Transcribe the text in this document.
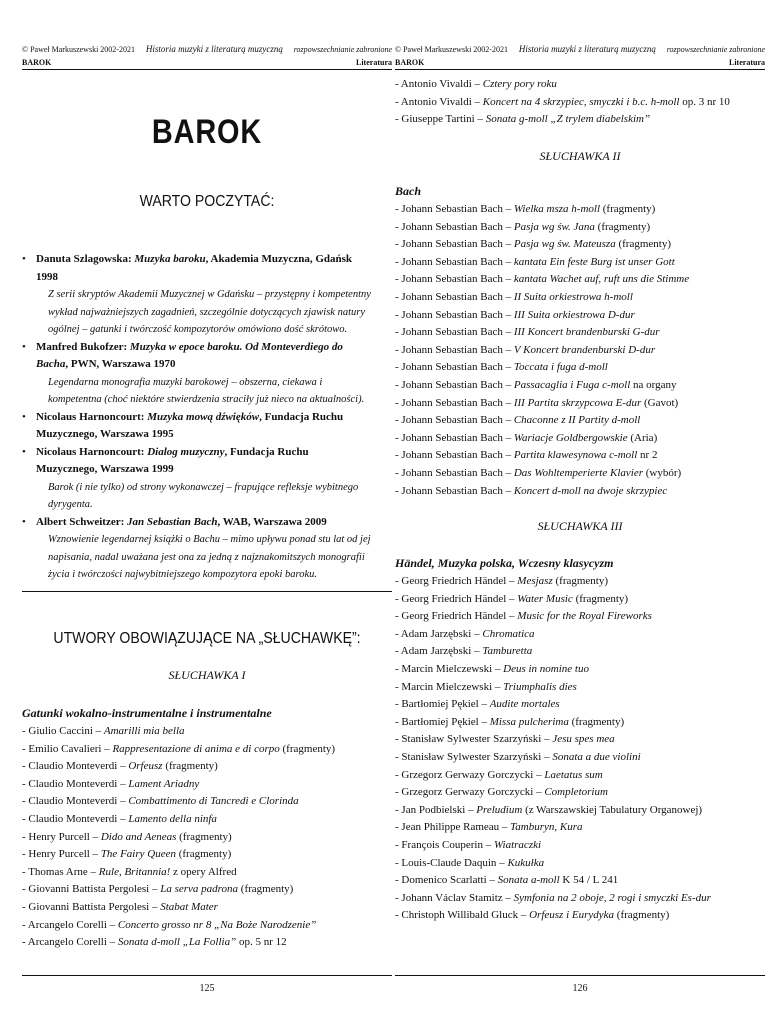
© Paweł Markuszewski 2002-2021 Historia muzyki z literaturą muzyczną rozpowszechnianie zabronione
BAROK	Literatura
BAROK
WARTO POCZYTAĆ:
• Danuta Szlagowska: Muzyka baroku, Akademia Muzyczna, Gdańsk 1998
Z serii skryptów Akademii Muzycznej w Gdańsku – przystępny i kompetentny wykład najważniejszych zagadnień, szczególnie dotyczących zjawisk natury ogólnej – gatunki i twórczość kompozytorów omówiono dość skrótowo.
• Manfred Bukofzer: Muzyka w epoce baroku. Od Monteverdiego do Bacha, PWN, Warszawa 1970
Legendarna monografia muzyki barokowej – obszerna, ciekawa i kompetentna (choć niektóre stwierdzenia straciły już nieco na aktualności).
• Nicolaus Harnoncourt: Muzyka mową dźwięków, Fundacja Ruchu Muzycznego, Warszawa 1995
• Nicolaus Harnoncourt: Dialog muzyczny, Fundacja Ruchu Muzycznego, Warszawa 1999
Barok (i nie tylko) od strony wykonawczej – frapujące refleksje wybitnego dyrygenta.
• Albert Schweitzer: Jan Sebastian Bach, WAB, Warszawa 2009
Wznowienie legendarnej książki o Bachu – mimo upływu ponad stu lat od jej napisania, nadal uważana jest ona za jedną z najznakomitszych monografii życia i twórczości najwybitniejszego kompozytora epoki baroku.
UTWORY OBOWIĄZUJĄCE NA „SŁUCHAWKĘ”:
SŁUCHAWKA I
Gatunki wokalno-instrumentalne i instrumentalne
- Giulio Caccini – Amarilli mia bella
- Emilio Cavalieri – Rappresentazione di anima e di corpo (fragmenty)
- Claudio Monteverdi – Orfeusz (fragmenty)
- Claudio Monteverdi – Lament Ariadny
- Claudio Monteverdi – Combattimento di Tancredi e Clorinda
- Claudio Monteverdi – Lamento della ninfa
- Henry Purcell – Dido and Aeneas (fragmenty)
- Henry Purcell – The Fairy Queen (fragmenty)
- Thomas Arne – Rule, Britannia! z opery Alfred
- Giovanni Battista Pergolesi – La serva padrona (fragmenty)
- Giovanni Battista Pergolesi – Stabat Mater
- Arcangelo Corelli – Concerto grosso nr 8 „Na Boże Narodzenie”
- Arcangelo Corelli – Sonata d-moll „La Follia” op. 5 nr 12
125
© Paweł Markuszewski 2002-2021 Historia muzyki z literaturą muzyczną rozpowszechnianie zabronione
BAROK	Literatura
- Antonio Vivaldi – Cztery pory roku
- Antonio Vivaldi – Koncert na 4 skrzypiec, smyczki i b.c. h-moll op. 3 nr 10
- Giuseppe Tartini – Sonata g-moll „Z trylem diabelskim”
SŁUCHAWKA II
Bach
- Johann Sebastian Bach – Wielka msza h-moll (fragmenty)
- Johann Sebastian Bach – Pasja wg św. Jana (fragmenty)
- Johann Sebastian Bach – Pasja wg św. Mateusza (fragmenty)
- Johann Sebastian Bach – kantata Ein feste Burg ist unser Gott
- Johann Sebastian Bach – kantata Wachet auf, ruft uns die Stimme
- Johann Sebastian Bach – II Suita orkiestrowa h-moll
- Johann Sebastian Bach – III Suita orkiestrowa D-dur
- Johann Sebastian Bach – III Koncert brandenburski G-dur
- Johann Sebastian Bach – V Koncert brandenburski D-dur
- Johann Sebastian Bach – Toccata i fuga d-moll
- Johann Sebastian Bach – Passacaglia i Fuga c-moll na organy
- Johann Sebastian Bach – III Partita skrzypcowa E-dur (Gavot)
- Johann Sebastian Bach – Chaconne z II Partity d-moll
- Johann Sebastian Bach – Wariacje Goldbergowskie (Aria)
- Johann Sebastian Bach – Partita klawesynowa c-moll nr 2
- Johann Sebastian Bach – Das Wohltemperierte Klavier (wybór)
- Johann Sebastian Bach – Koncert d-moll na dwoje skrzypiec
SŁUCHAWKA III
Händel, Muzyka polska, Wczesny klasycyzm
- Georg Friedrich Händel – Mesjasz (fragmenty)
- Georg Friedrich Händel – Water Music (fragmenty)
- Georg Friedrich Händel – Music for the Royal Fireworks
- Adam Jarzębski – Chromatica
- Adam Jarzębski – Tamburetta
- Marcin Mielczewski – Deus in nomine tuo
- Marcin Mielczewski – Triumphalis dies
- Bartłomiej Pękiel – Audite mortales
- Bartłomiej Pękiel – Missa pulcherima (fragmenty)
- Stanisław Sylwester Szarzyński – Jesu spes mea
- Stanisław Sylwester Szarzyński – Sonata a due violini
- Grzegorz Gerwazy Gorczycki – Laetatus sum
- Grzegorz Gerwazy Gorczycki – Completorium
- Jan Podbielski – Preludium (z Warszawskiej Tabulatury Organowej)
- Jean Philippe Rameau – Tamburyn, Kura
- François Couperin – Wiatraczki
- Louis-Claude Daquin – Kukułka
- Domenico Scarlatti – Sonata a-moll K 54 / L 241
- Johann Václav Stamitz – Symfonia na 2 oboje, 2 rogi i smyczki Es-dur
- Christoph Willibald Gluck – Orfeusz i Eurydyka (fragmenty)
126
